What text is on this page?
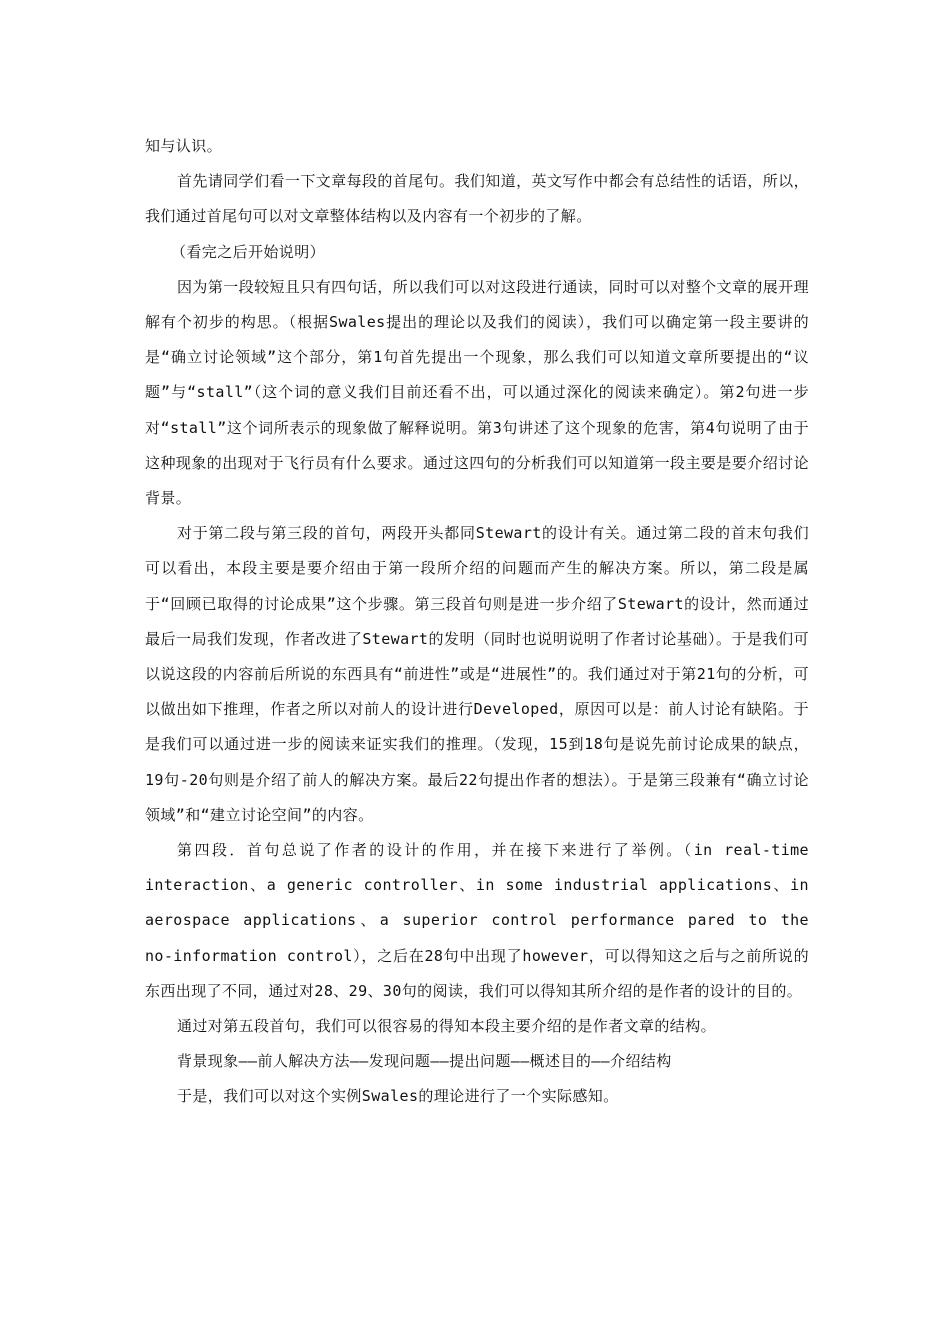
知与认识。

首先请同学们看一下文章每段的首尾句。我们知道，英文写作中都会有总结性的话语，所以，我们通过首尾句可以对文章整体结构以及内容有一个初步的了解。

（看完之后开始说明）

因为第一段较短且只有四句话，所以我们可以对这段进行通读，同时可以对整个文章的展开理解有个初步的构思。（根据Swales提出的理论以及我们的阅读），我们可以确定第一段主要讲的是“确立讨论领域”这个部分，第1句首先提出一个现象，那么我们可以知道文章所要提出的“议题”与“stall”（这个词的意义我们目前还看不出，可以通过深化的阅读来确定）。第2句进一步对“stall”这个词所表示的现象做了解释说明。第3句讲述了这个现象的危害，第4句说明了由于这种现象的出现对于飞行员有什么要求。通过这四句的分析我们可以知道第一段主要是要介绍讨论背景。

对于第二段与第三段的首句，两段开头都同Stewart的设计有关。通过第二段的首末句我们可以看出，本段主要是要介绍由于第一段所介绍的问题而产生的解决方案。所以，第二段是属于“回顾已取得的讨论成果”这个步骤。第三段首句则是进一步介绍了Stewart的设计，然而通过最后一局我们发现，作者改进了Stewart的发明（同时也说明说明了作者讨论基础）。于是我们可以说这段的内容前后所说的东西具有“前进性”或是“进展性”的。我们通过对于第21句的分析，可以做出如下推理，作者之所以对前人的设计进行Developed，原因可以是：前人讨论有缺陷。于是我们可以通过进一步的阅读来证实我们的推理。（发现，15到18句是说先前讨论成果的缺点，19句-20句则是介绍了前人的解决方案。最后22句提出作者的想法）。于是第三段兼有“确立讨论领域”和“建立讨论空间”的内容。

第四段．首句总说了作者的设计的作用，并在接下来进行了举例。（in real-time interaction、a generic controller、in some industrial applications、in aerospace applications、a superior control performance pared to the no-information control），之后在28句中出现了however，可以得知这之后与之前所说的东西出现了不同，通过对28、29、30句的阅读，我们可以得知其所介绍的是作者的设计的目的。

通过对第五段首句，我们可以很容易的得知本段主要介绍的是作者文章的结构。

背景现象——前人解决方法——发现问题——提出问题——概述目的——介绍结构

于是，我们可以对这个实例Swales的理论进行了一个实际感知。
